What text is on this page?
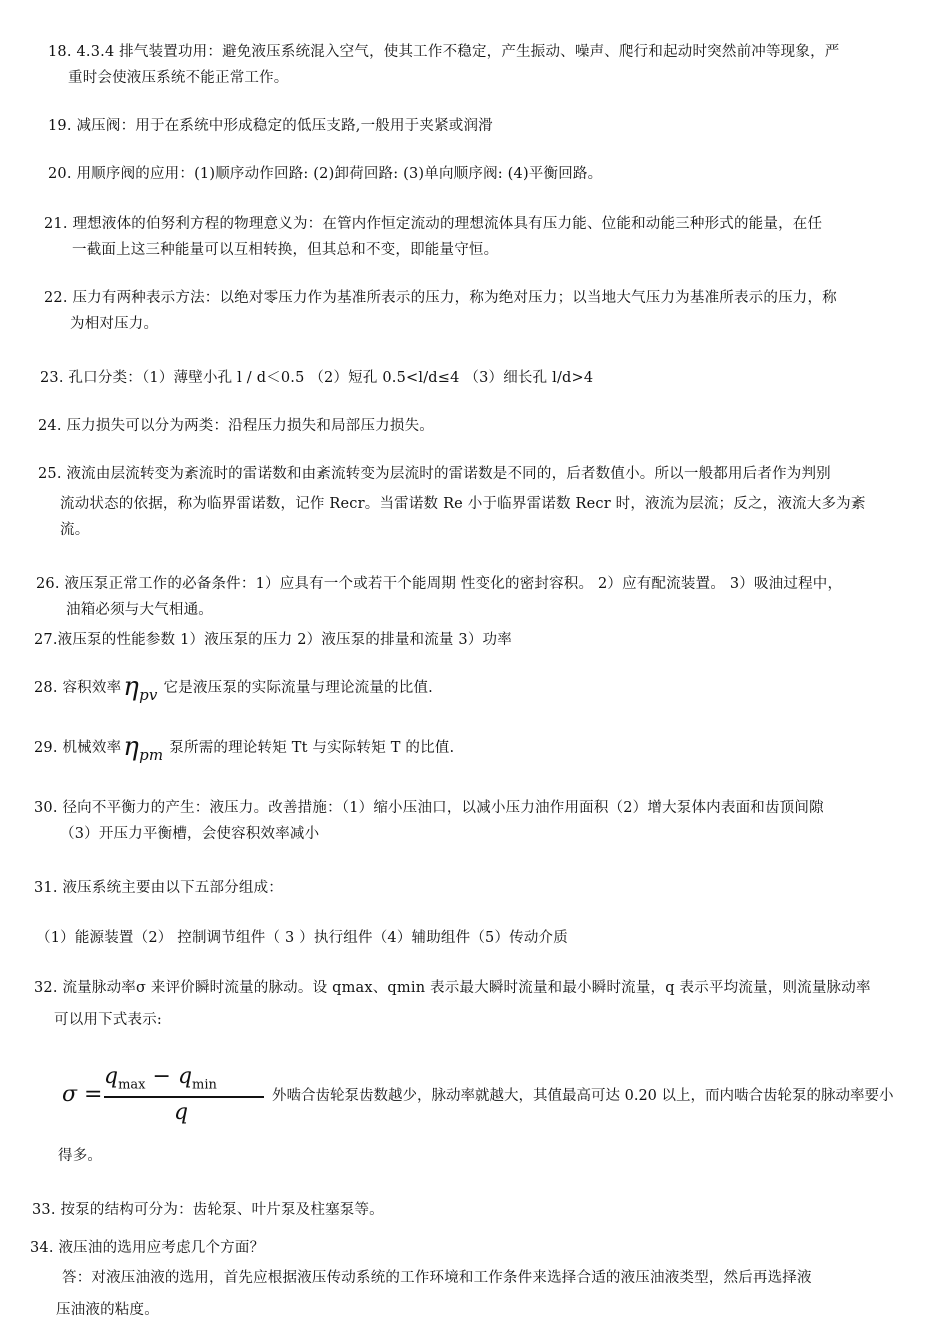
18. 4.3.4 排气装置功用：避免液压系统混入空气，使其工作不稳定，产生振动、噪声、爬行和起动时突然前冲等现象，严
重时会使液压系统不能正常工作。
19. 减压阀：用于在系统中形成稳定的低压支路,一般用于夹紧或润滑
20. 用顺序阀的应用：(1)顺序动作回路: (2)卸荷回路: (3)单向顺序阀: (4)平衡回路。
21. 理想液体的伯努利方程的物理意义为：在管内作恒定流动的理想流体具有压力能、位能和动能三种形式的能量，在任
一截面上这三种能量可以互相转换，但其总和不变，即能量守恒。
22. 压力有两种表示方法：以绝对零压力作为基准所表示的压力，称为绝对压力；以当地大气压力为基准所表示的压力，称
为相对压力。
23. 孔口分类：（1）薄壁小孔 l / d＜0.5 （2）短孔 0.5<l/d≤4 （3）细长孔 l/d>4
24. 压力损失可以分为两类：沿程压力损失和局部压力损失。
25. 液流由层流转变为紊流时的雷诺数和由紊流转变为层流时的雷诺数是不同的，后者数值小。所以一般都用后者作为判别
流动状态的依据，称为临界雷诺数，记作 Recr。当雷诺数 Re 小于临界雷诺数 Recr 时，液流为层流；反之，液流大多为紊
流。
26. 液压泵正常工作的必备条件：1）应具有一个或若干个能周期 性变化的密封容积。 2）应有配流装置。 3）吸油过程中，
油箱必须与大气相通。
27.液压泵的性能参数 1）液压泵的压力 2）液压泵的排量和流量 3）功率
28. 容积效率ηpv 它是液压泵的实际流量与理论流量的比值.
29. 机械效率ηpm 泵所需的理论转矩 Tt 与实际转矩 T 的比值.
30. 径向不平衡力的产生：液压力。改善措施：（1）缩小压油口，以减小压力油作用面积（2）增大泵体内表面和齿顶间隙
（3）开压力平衡槽，会使容积效率减小
31. 液压系统主要由以下五部分组成：
（1）能源装置（2） 控制调节组件（ 3 ）执行组件（4）辅助组件（5）传动介质
32. 流量脉动率σ 来评价瞬时流量的脉动。设 qmax、qmin 表示最大瞬时流量和最小瞬时流量，q 表示平均流量，则流量脉动率
可以用下式表示:
σ =
$q_{max} - q_{min}$
q
外啮合齿轮泵齿数越少，脉动率就越大，其值最高可达 0.20 以上，而内啮合齿轮泵的脉动率要小
得多。
33. 按泵的结构可分为：齿轮泵、叶片泵及柱塞泵等。
34. 液压油的选用应考虑几个方面？
答：对液压油液的选用，首先应根据液压传动系统的工作环境和工作条件来选择合适的液压油液类型，然后再选择液
压油液的粘度。
